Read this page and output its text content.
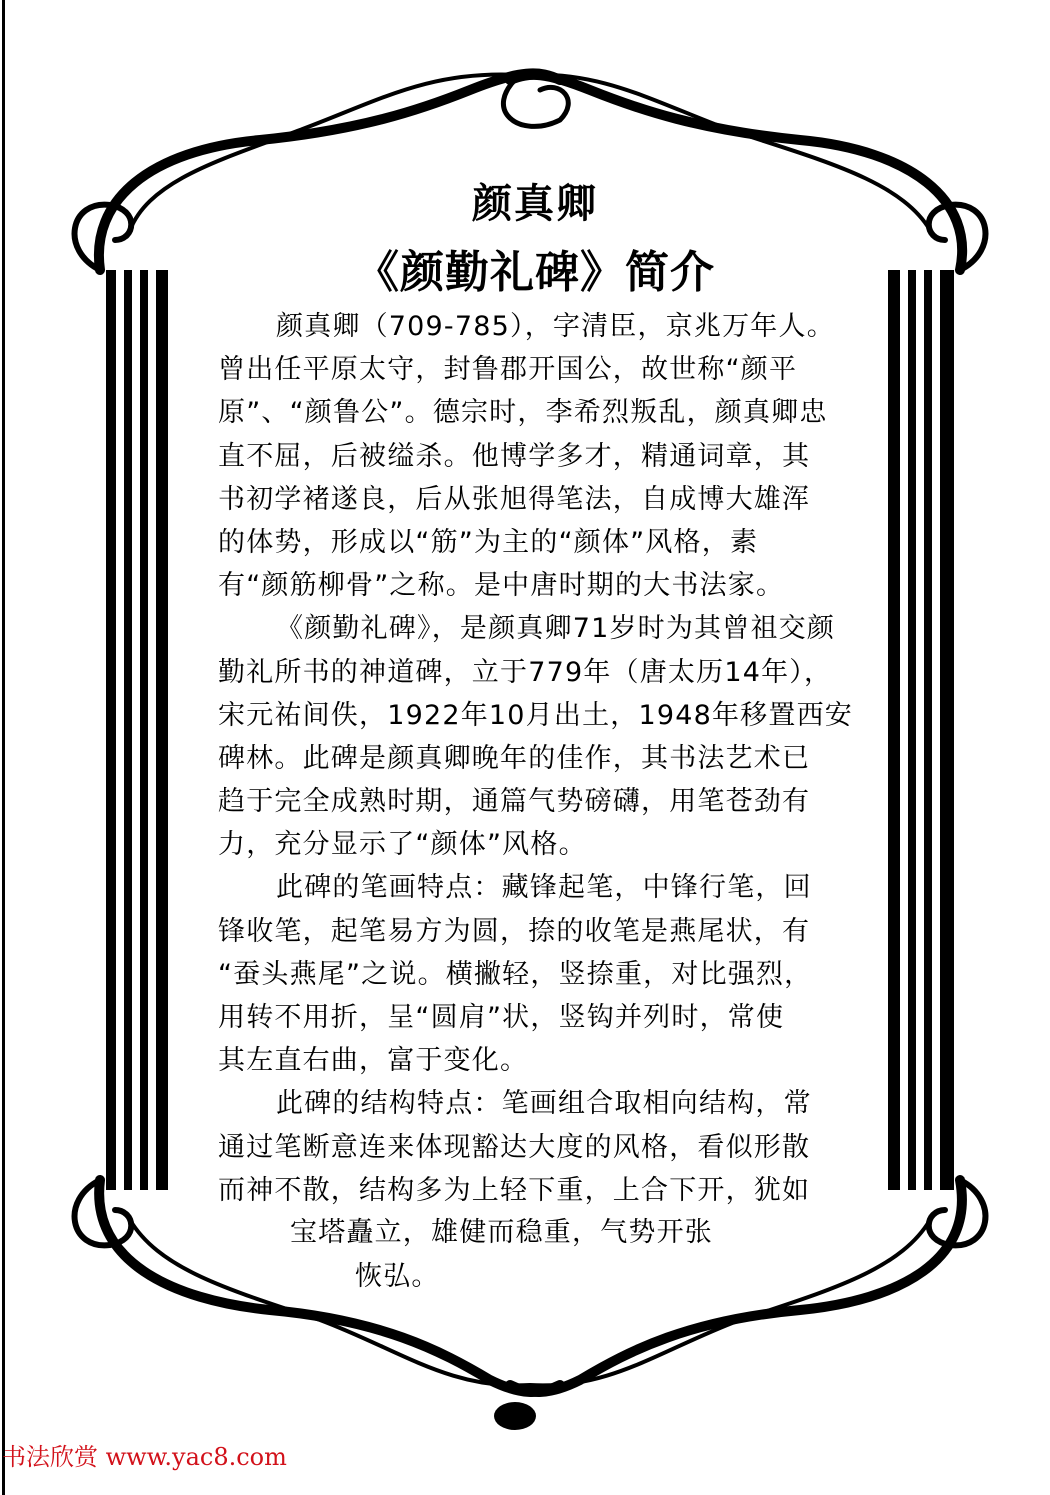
颜真卿
《颜勤礼碑》简介
颜真卿（709-785），字清臣，京兆万年人。
曾出任平原太守，封鲁郡开国公，故世称“颜平
原”、“颜鲁公”。德宗时，李希烈叛乱，颜真卿忠
直不屈，后被缢杀。他博学多才，精通词章，其
书初学褚遂良，后从张旭得笔法，自成博大雄浑
的体势，形成以“筋”为主的“颜体”风格，素
有“颜筋柳骨”之称。是中唐时期的大书法家。
《颜勤礼碑》，是颜真卿71岁时为其曾祖交颜
勤礼所书的神道碑，立于779年（唐太历14年），
宋元祐间佚，1922年10月出土，1948年移置西安
碑林。此碑是颜真卿晚年的佳作，其书法艺术已
趋于完全成熟时期，通篇气势磅礴，用笔苍劲有
力，充分显示了“颜体”风格。
此碑的笔画特点：藏锋起笔，中锋行笔，回
锋收笔，起笔易方为圆，捺的收笔是燕尾状，有
“蚕头燕尾”之说。横撇轻，竖捺重，对比强烈，
用转不用折，呈“圆肩”状，竖钩并列时，常使
其左直右曲，富于变化。
此碑的结构特点：笔画组合取相向结构，常
通过笔断意连来体现豁达大度的风格，看似形散
而神不散，结构多为上轻下重，上合下开，犹如
宝塔矗立，雄健而稳重，气势开张
恢弘。
书法欣赏 www.yac8.com
